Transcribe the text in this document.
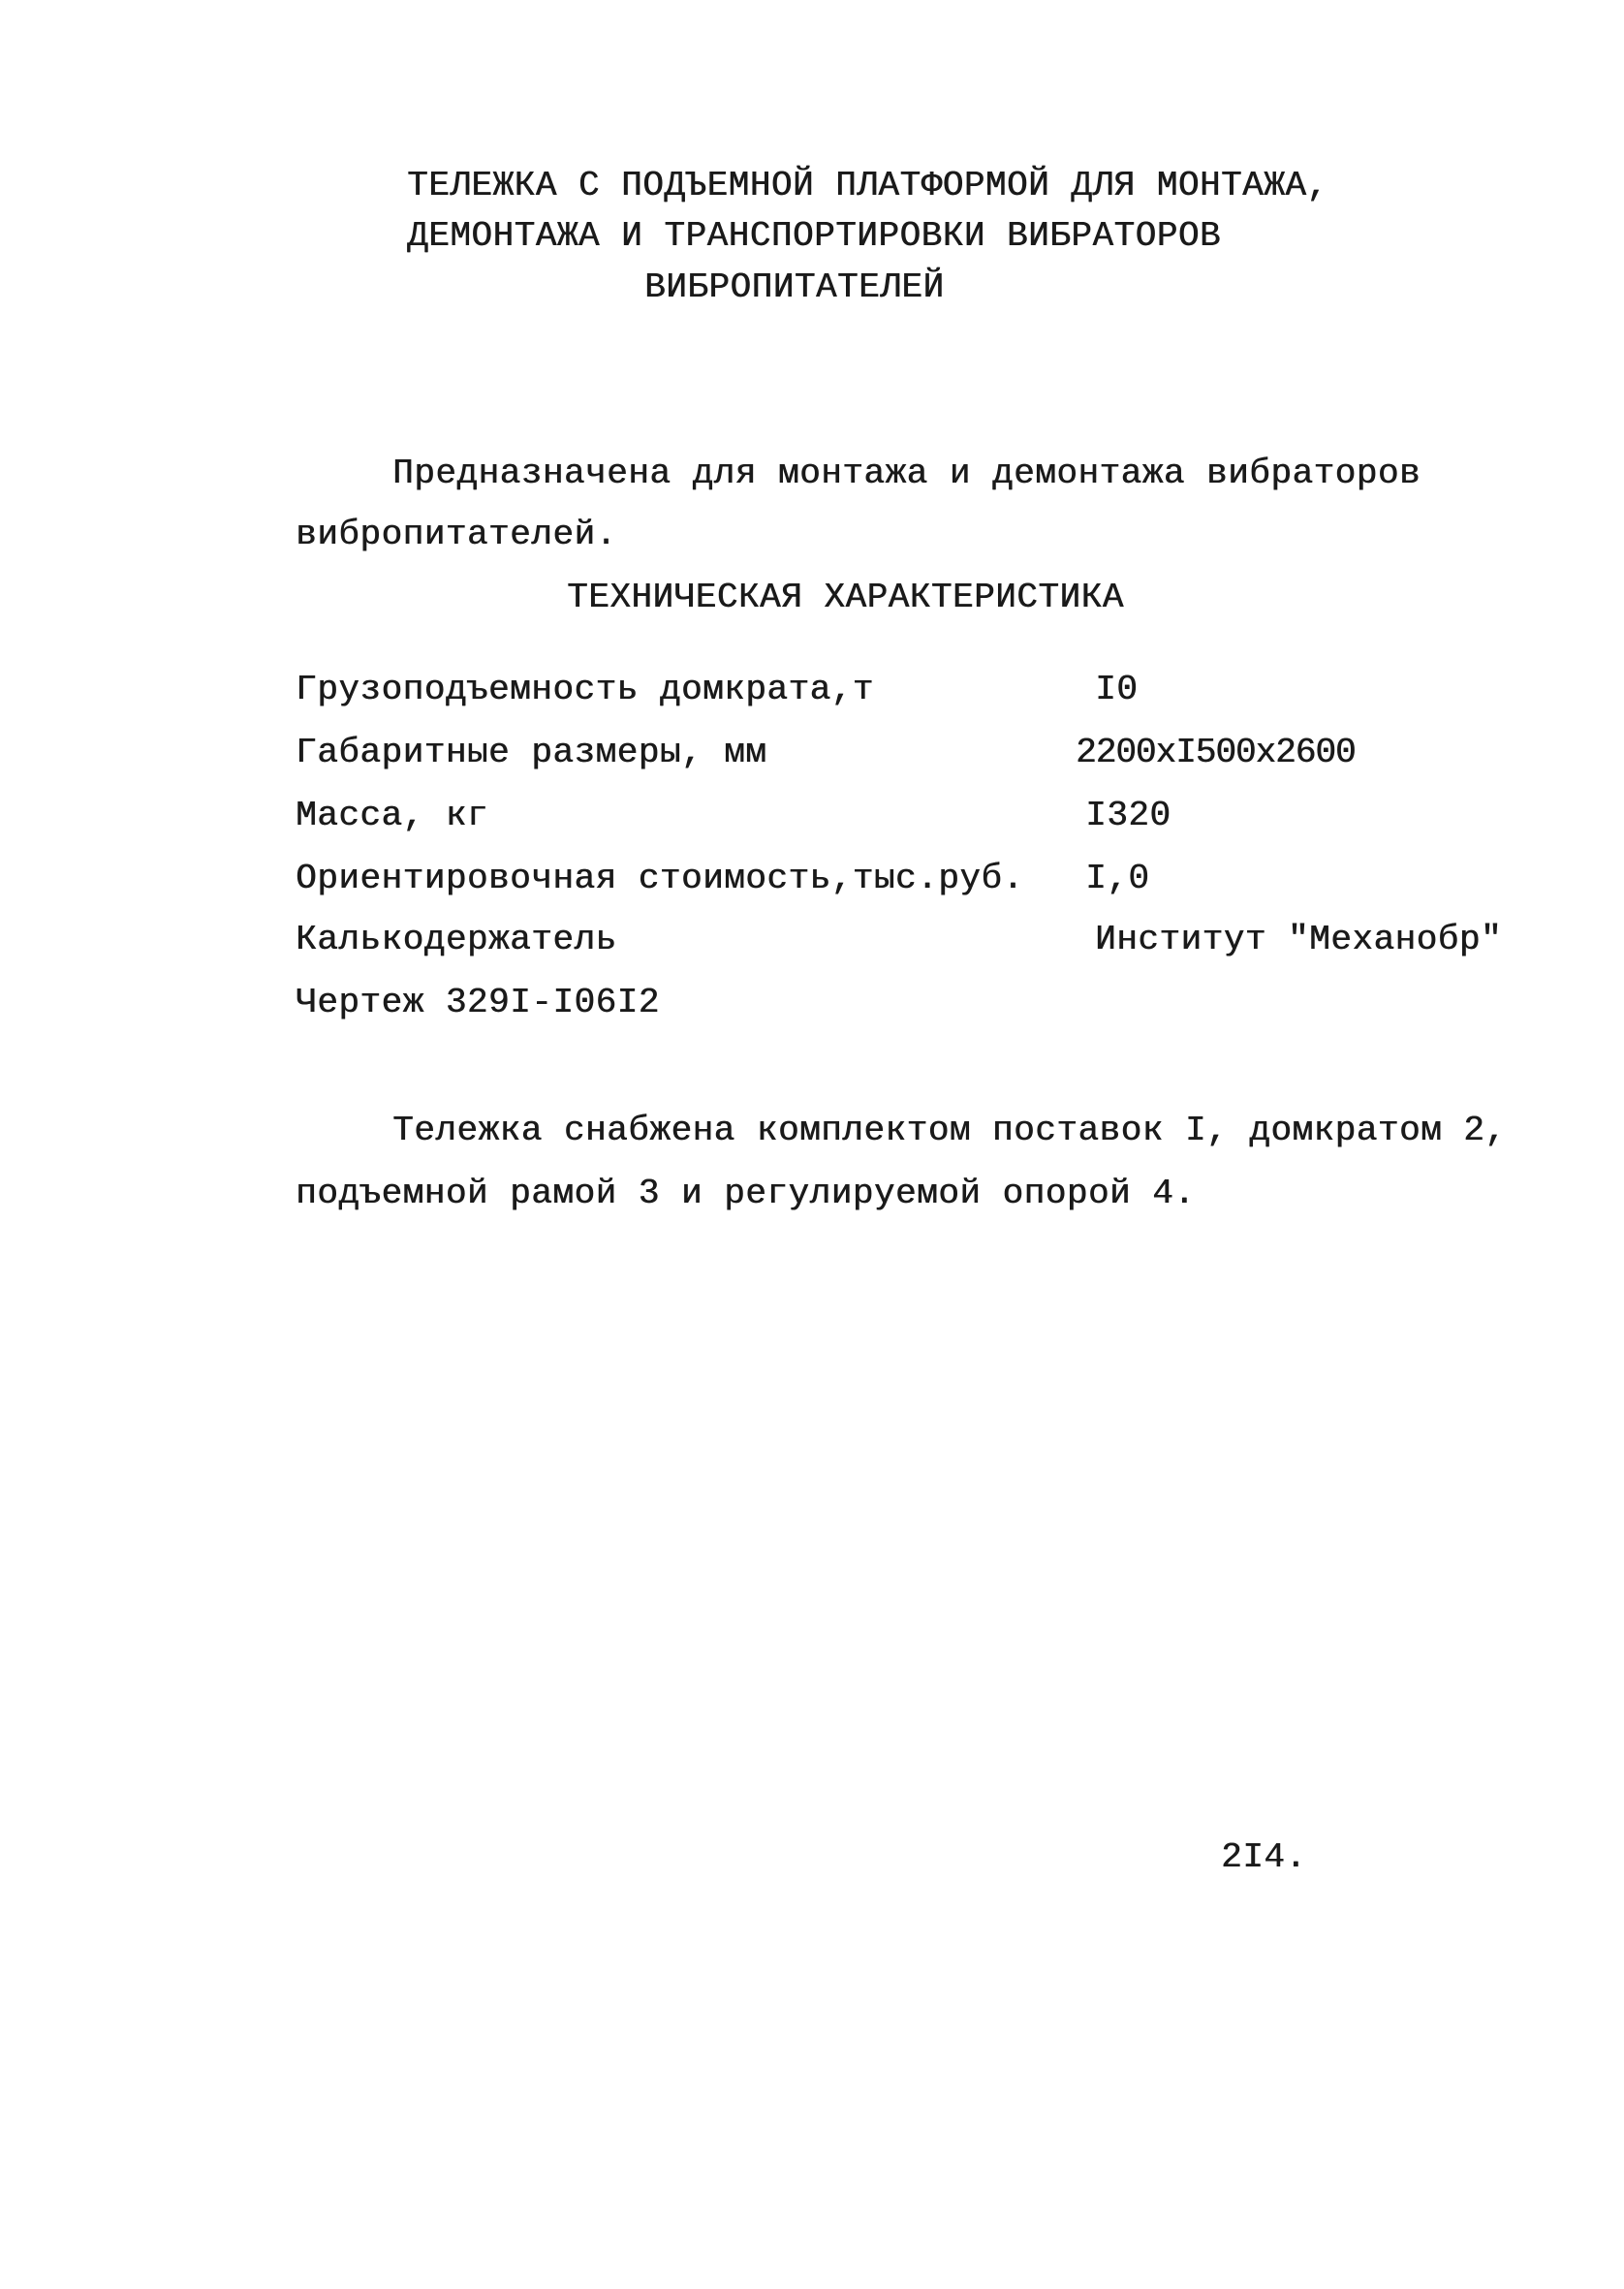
ТЕЛЕЖКА С ПОДЪЕМНОЙ ПЛАТФОРМОЙ ДЛЯ МОНТАЖА,
ДЕМОНТАЖА И ТРАНСПОРТИРОВКИ ВИБРАТОРОВ
ВИБРОПИТАТЕЛЕЙ
Предназначена для монтажа и демонтажа вибраторов
вибропитателей.
ТЕХНИЧЕСКАЯ ХАРАКТЕРИСТИКА
Грузоподъемность домкрата,т	I0
Габаритные размеры, мм	2200xI500x2600
Масса, кг	I320
Ориентировочная стоимость,тыс.руб. I,0
Калькодержатель	Институт "Механобр"
Чертеж 329I-I06I2
Тележка снабжена комплектом поставок I, домкратом 2,
подъемной рамой 3 и регулируемой опорой 4.
2I4.
